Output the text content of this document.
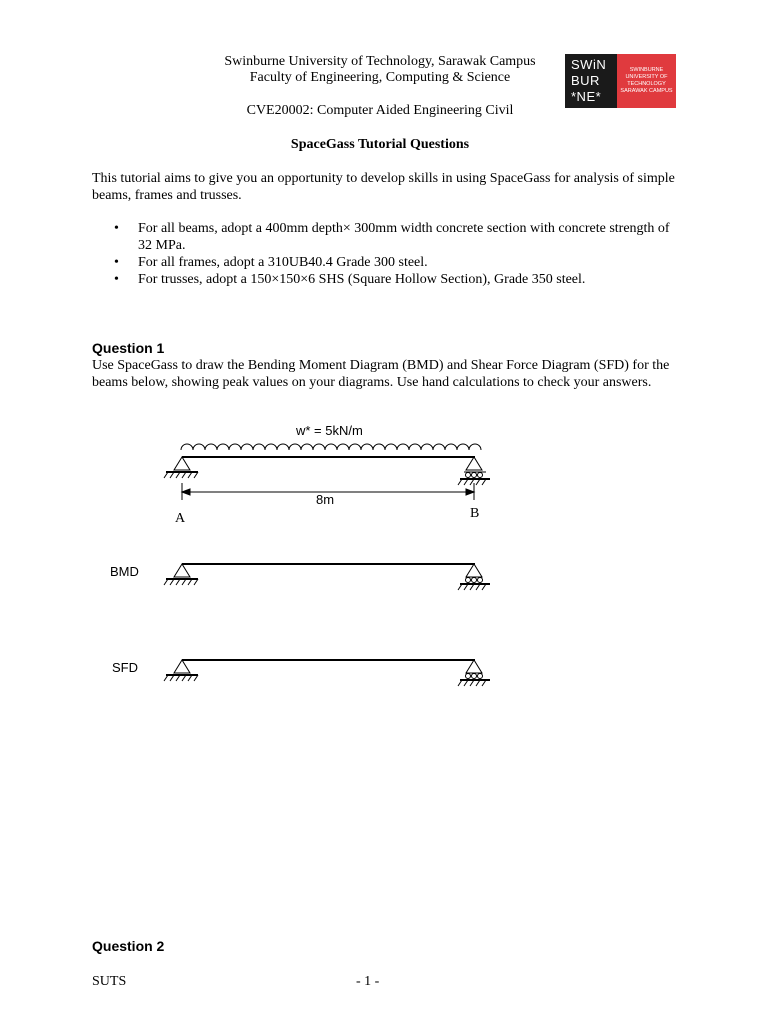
Swinburne University of Technology, Sarawak Campus
Faculty of Engineering, Computing & Science
CVE20002: Computer Aided Engineering Civil
SpaceGass Tutorial Questions
SWiN
BUR
*NE*
SWINBURNE
UNIVERSITY OF
TECHNOLOGY
SARAWAK CAMPUS
This tutorial aims to give you an opportunity to develop skills in using SpaceGass for analysis of simple beams, frames and trusses.
• For all beams, adopt a 400mm depth× 300mm width concrete section with concrete strength of 32 MPa.
• For all frames, adopt a 310UB40.4 Grade 300 steel.
• For trusses, adopt a 150×150×6 SHS (Square Hollow Section), Grade 350 steel.
Question 1
Use SpaceGass to draw the Bending Moment Diagram (BMD) and Shear Force Diagram (SFD) for the beams below, showing peak values on your diagrams. Use hand calculations to check your answers.
w* = 5kN/m
8m
A	B
BMD
SFD
Question 2
SUTS	- 1 -
